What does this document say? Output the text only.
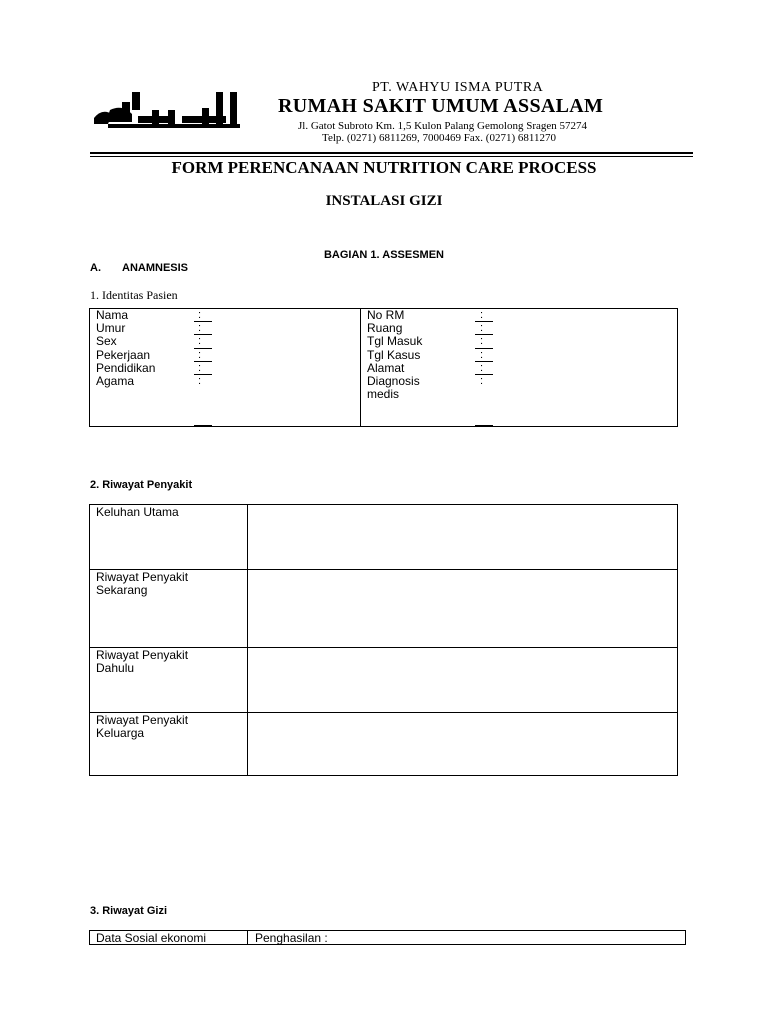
PT. WAHYU ISMA PUTRA
RUMAH SAKIT UMUM ASSALAM
Jl. Gatot Subroto Km. 1,5 Kulon Palang Gemolong Sragen 57274
Telp. (0271) 6811269, 7000469 Fax. (0271) 6811270
FORM PERENCANAAN NUTRITION CARE PROCESS
INSTALASI GIZI
BAGIAN 1. ASSESMEN
A. ANAMNESIS
1. Identitas Pasien
Nama
Umur
Sex
Pekerjaan
Pendidikan
Agama
:
:
:
:
:
:
No RM
Ruang
Tgl Masuk
Tgl Kasus
Alamat
Diagnosis medis
:
:
:
:
:
:
2. Riwayat Penyakit
Keluhan Utama
Riwayat Penyakit Sekarang
Riwayat Penyakit Dahulu
Riwayat Penyakit Keluarga
3. Riwayat Gizi
Data Sosial ekonomi	Penghasilan :
